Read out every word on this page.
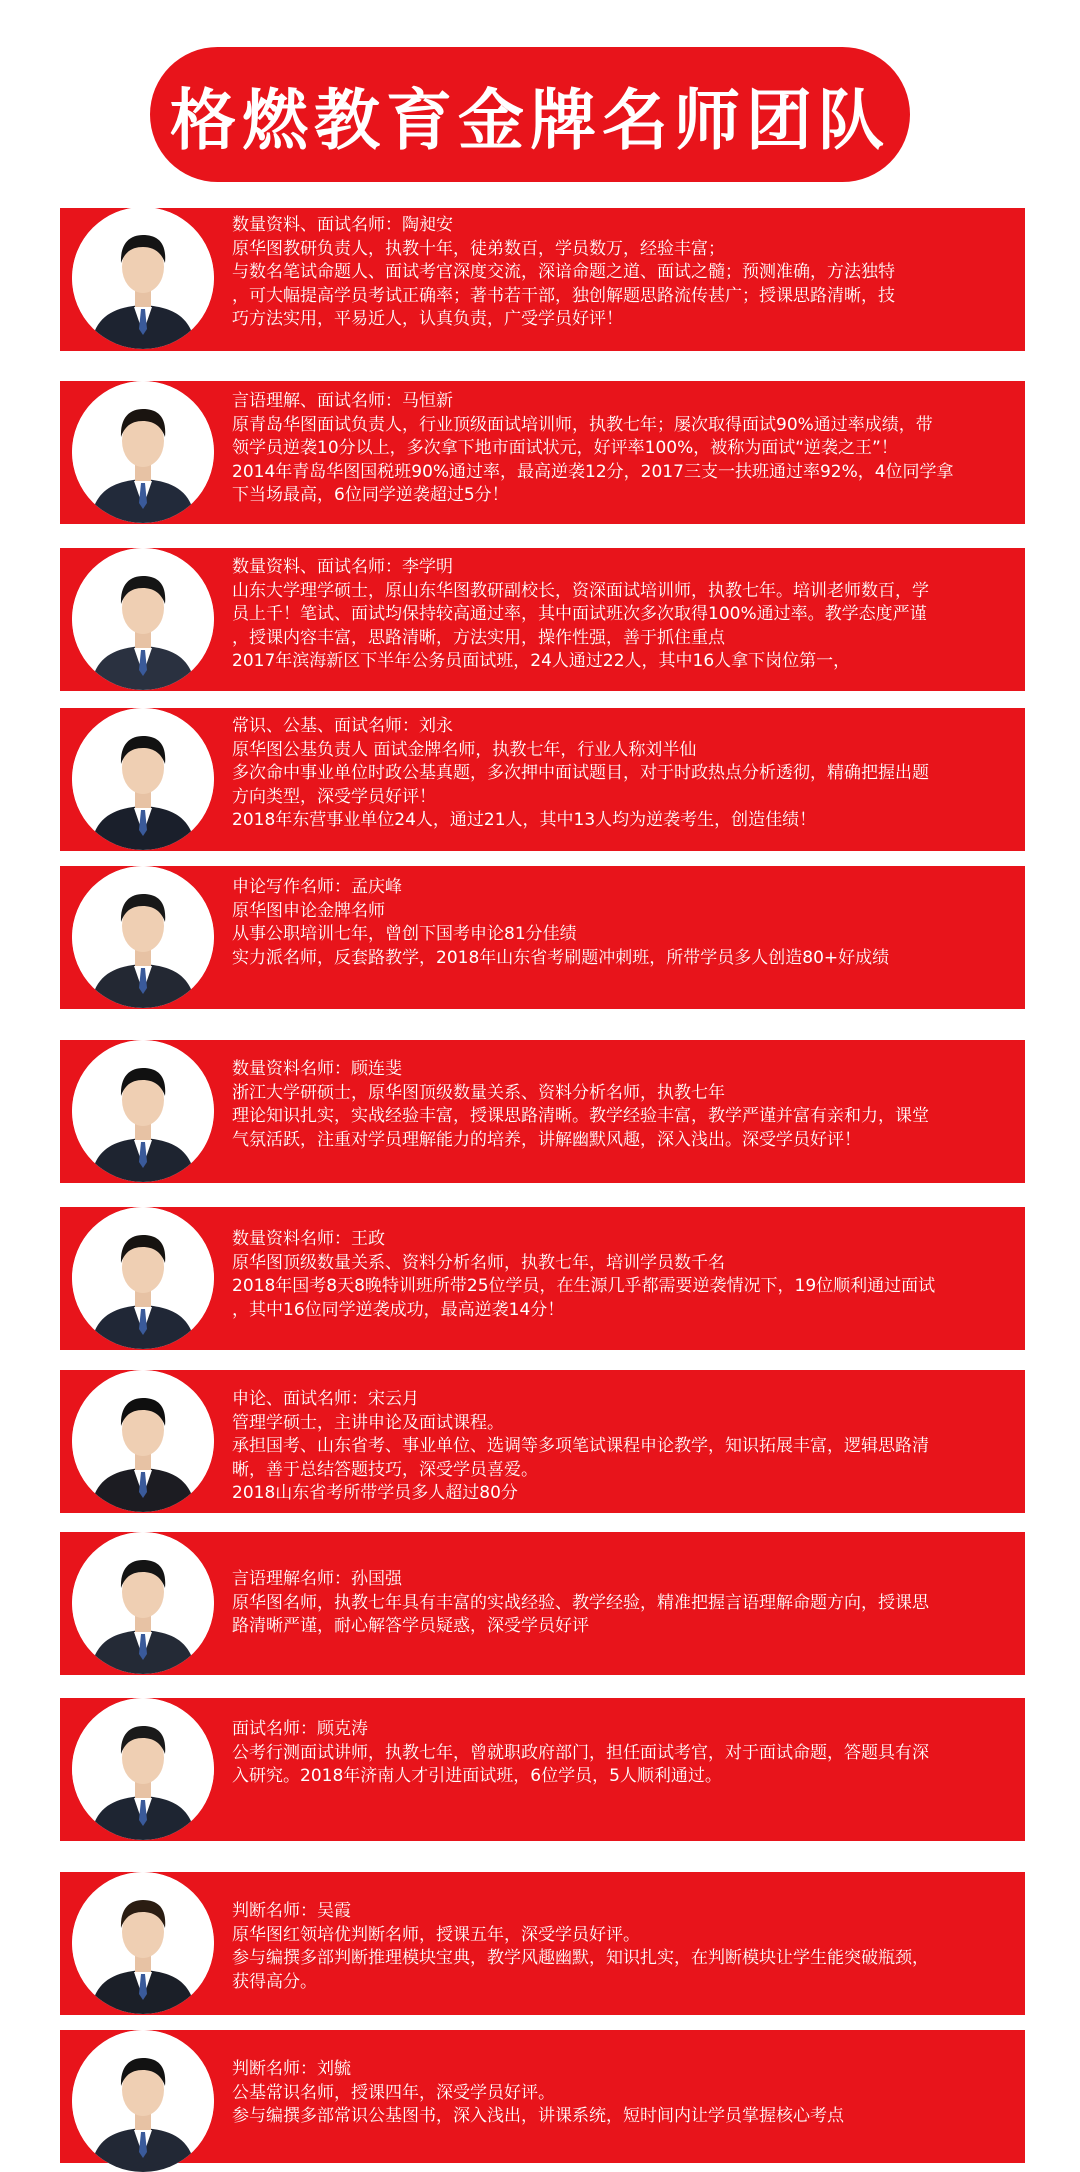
格燃教育金牌名师团队
数量资料、面试名师：陶昶安
原华图教研负责人，执教十年，徒弟数百，学员数万，经验丰富；
与数名笔试命题人、面试考官深度交流，深谙命题之道、面试之髓；预测准确，方法独特
，可大幅提高学员考试正确率；著书若干部，独创解题思路流传甚广；授课思路清晰，技
巧方法实用，平易近人，认真负责，广受学员好评！
言语理解、面试名师：马恒新
原青岛华图面试负责人，行业顶级面试培训师，执教七年；屡次取得面试90%通过率成绩，带
领学员逆袭10分以上，多次拿下地市面试状元，好评率100%，被称为面试“逆袭之王”！
2014年青岛华图国税班90%通过率，最高逆袭12分，2017三支一扶班通过率92%，4位同学拿
下当场最高，6位同学逆袭超过5分！
数量资料、面试名师：李学明
山东大学理学硕士，原山东华图教研副校长，资深面试培训师，执教七年。培训老师数百，学
员上千！笔试、面试均保持较高通过率，其中面试班次多次取得100%通过率。教学态度严谨
，授课内容丰富，思路清晰，方法实用，操作性强，善于抓住重点
2017年滨海新区下半年公务员面试班，24人通过22人，其中16人拿下岗位第一，
常识、公基、面试名师：刘永
原华图公基负责人 面试金牌名师，执教七年，行业人称刘半仙
多次命中事业单位时政公基真题，多次押中面试题目，对于时政热点分析透彻，精确把握出题
方向类型，深受学员好评！
2018年东营事业单位24人，通过21人，其中13人均为逆袭考生，创造佳绩！
申论写作名师：孟庆峰
原华图申论金牌名师
从事公职培训七年，曾创下国考申论81分佳绩
实力派名师，反套路教学，2018年山东省考刷题冲刺班，所带学员多人创造80+好成绩
数量资料名师：顾连斐
浙江大学研硕士，原华图顶级数量关系、资料分析名师，执教七年
理论知识扎实，实战经验丰富，授课思路清晰。教学经验丰富，教学严谨并富有亲和力，课堂
气氛活跃，注重对学员理解能力的培养，讲解幽默风趣，深入浅出。深受学员好评！
数量资料名师：王政
原华图顶级数量关系、资料分析名师，执教七年，培训学员数千名
2018年国考8天8晚特训班所带25位学员，在生源几乎都需要逆袭情况下，19位顺利通过面试
，其中16位同学逆袭成功，最高逆袭14分！
申论、面试名师：宋云月
管理学硕士，主讲申论及面试课程。
承担国考、山东省考、事业单位、选调等多项笔试课程申论教学，知识拓展丰富，逻辑思路清
晰，善于总结答题技巧，深受学员喜爱。
2018山东省考所带学员多人超过80分
言语理解名师：孙国强
原华图名师，执教七年具有丰富的实战经验、教学经验，精准把握言语理解命题方向，授课思
路清晰严谨，耐心解答学员疑惑，深受学员好评
面试名师：顾克涛
公考行测面试讲师，执教七年，曾就职政府部门，担任面试考官，对于面试命题，答题具有深
入研究。2018年济南人才引进面试班，6位学员，5人顺利通过。
判断名师：吴霞
原华图红领培优判断名师，授课五年，深受学员好评。
参与编撰多部判断推理模块宝典，教学风趣幽默，知识扎实，在判断模块让学生能突破瓶颈，
获得高分。
判断名师：刘毓
公基常识名师，授课四年，深受学员好评。
参与编撰多部常识公基图书，深入浅出，讲课系统，短时间内让学员掌握核心考点
